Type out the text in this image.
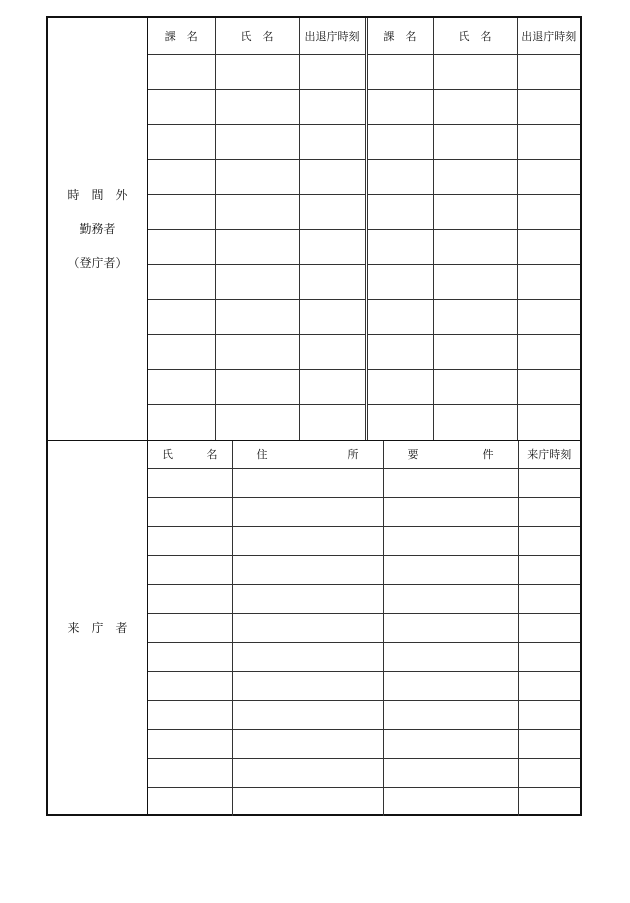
時　間　外
勤務者
（登庁者）
課　名	氏　名	出退庁時刻	課　名	氏　名	出退庁時刻

来　庁　者
氏 名	住 所	要 件	来庁時刻
